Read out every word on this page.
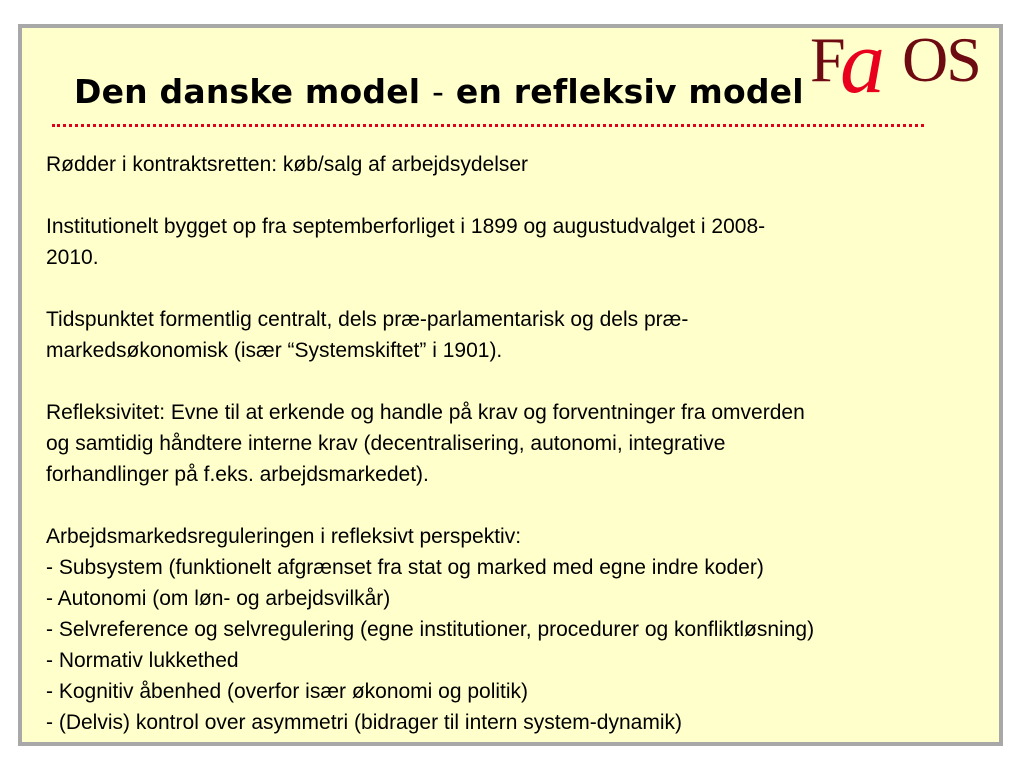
Den danske model - en refleksiv model F
a OS

Rødder i kontraktsretten: køb/salg af arbejdsydelser

Institutionelt bygget op fra septemberforliget i 1899 og augustudvalget i 2008-
2010.

Tidspunktet formentlig centralt, dels præ-parlamentarisk og dels præ-
markedsøkonomisk (især “Systemskiftet” i 1901).

Refleksivitet: Evne til at erkende og handle på krav og forventninger fra omverden
og samtidig håndtere interne krav (decentralisering, autonomi, integrative
forhandlinger på f.eks. arbejdsmarkedet).

Arbejdsmarkedsreguleringen i refleksivt perspektiv:
- Subsystem (funktionelt afgrænset fra stat og marked med egne indre koder)
- Autonomi (om løn- og arbejdsvilkår)
- Selvreference og selvregulering (egne institutioner, procedurer og konfliktløsning)
- Normativ lukkethed
- Kognitiv åbenhed (overfor især økonomi og politik)
- (Delvis) kontrol over asymmetri (bidrager til intern system-dynamik)
